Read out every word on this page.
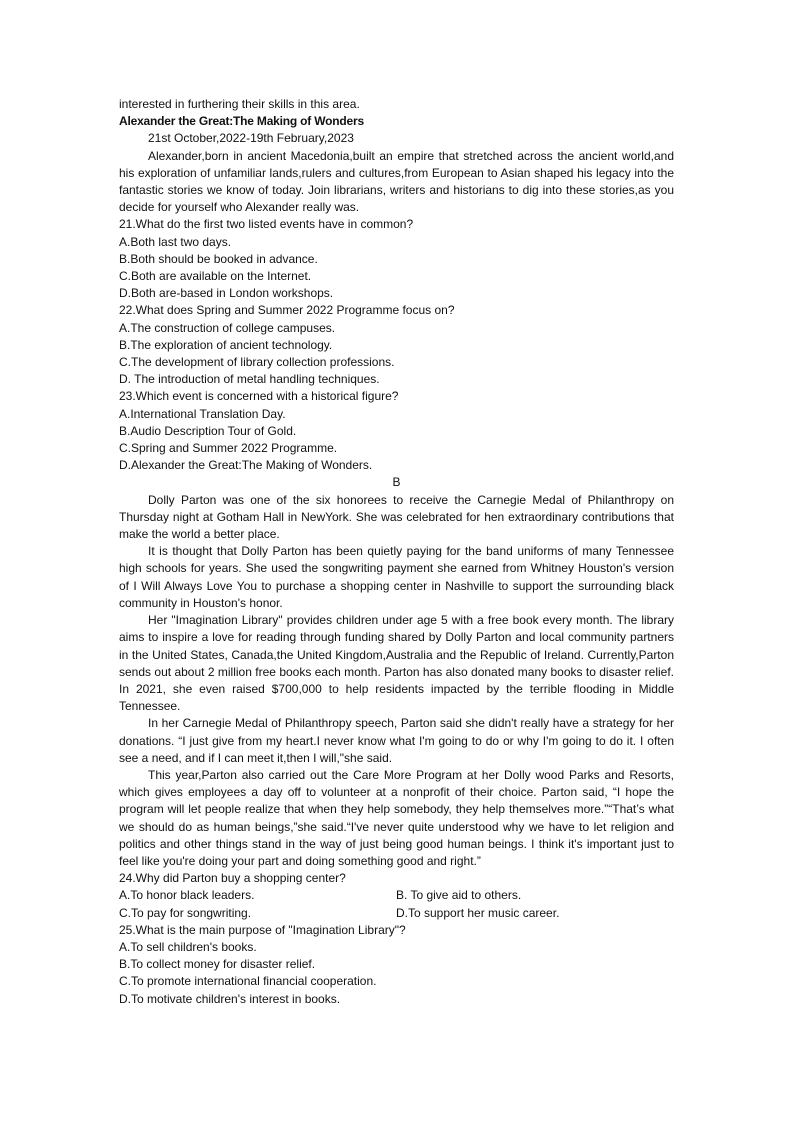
interested in furthering their skills in this area.

Alexander the Great:The Making of Wonders

21st October,2022-19th February,2023

Alexander,born in ancient Macedonia,built an empire that stretched across the ancient world,and his exploration of unfamiliar lands,rulers and cultures,from European to Asian shaped his legacy into the fantastic stories we know of today. Join librarians, writers and historians to dig into these stories,as you decide for yourself who Alexander really was.

21.What do the first two listed events have in common?

A.Both last two days.

B.Both should be booked in advance.

C.Both are available on the Internet.

D.Both are-based in London workshops.

22.What does Spring and Summer 2022 Programme focus on?

A.The construction of college campuses.

B.The exploration of ancient technology.

C.The development of library collection professions.

D. The introduction of metal handling techniques.

23.Which event is concerned with a historical figure?

A.International Translation Day.

B.Audio Description Tour of Gold.

C.Spring and Summer 2022 Programme.

D.Alexander the Great:The Making of Wonders.

B

Dolly Parton was one of the six honorees to receive the Carnegie Medal of Philanthropy on Thursday night at Gotham Hall in NewYork. She was celebrated for hen extraordinary contributions that make the world a better place.

It is thought that Dolly Parton has been quietly paying for the band uniforms of many Tennessee high schools for years. She used the songwriting payment she earned from Whitney Houston's version of I Will Always Love You to purchase a shopping center in Nashville to support the surrounding black community in Houston's honor.

Her "Imagination Library" provides children under age 5 with a free book every month. The library aims to inspire a love for reading through funding shared by Dolly Parton and local community partners in the United States, Canada,the United Kingdom,Australia and the Republic of Ireland. Currently,Parton sends out about 2 million free books each month. Parton has also donated many books to disaster relief. In 2021, she even raised $700,000 to help residents impacted by the terrible flooding in Middle Tennessee.

In her Carnegie Medal of Philanthropy speech, Parton said she didn't really have a strategy for her donations. “I just give from my heart.I never know what I'm going to do or why I'm going to do it. I often see a need, and if I can meet it,then I will,"she said.

This year,Parton also carried out the Care More Program at her Dolly wood Parks and Resorts, which gives employees a day off to volunteer at a nonprofit of their choice. Parton said, “I hope the program will let people realize that when they help somebody, they help themselves more.”“That’s what we should do as human beings,”she said.“I've never quite understood why we have to let religion and politics and other things stand in the way of just being good human beings. I think it's important just to feel like you're doing your part and doing something good and right.”

24.Why did Parton buy a shopping center?

A.To honor black leaders.	B. To give aid to others.
C.To pay for songwriting.	D.To support her music career.

25.What is the main purpose of "Imagination Library"?

A.To sell children's books.

B.To collect money for disaster relief.

C.To promote international financial cooperation.

D.To motivate children's interest in books.
